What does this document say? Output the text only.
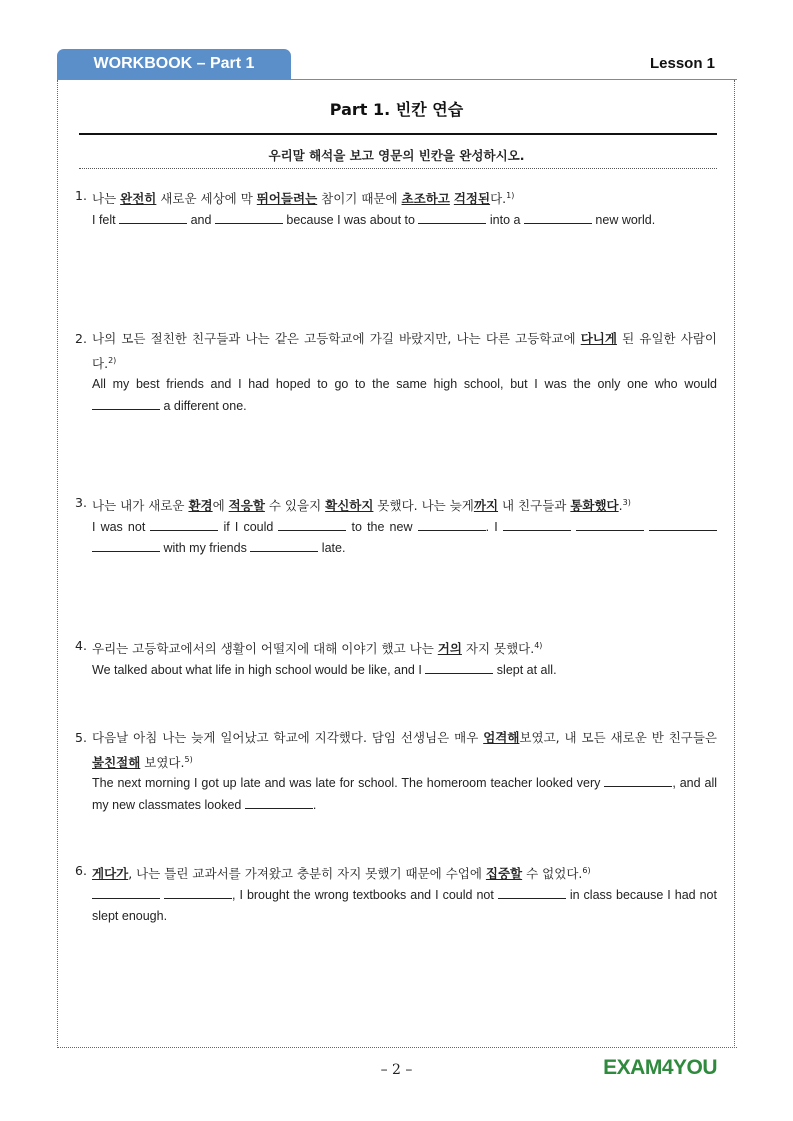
WORKBOOK – Part 1	Lesson 1
Part 1. 빈칸 연습
우리말 해석을 보고 영문의 빈칸을 완성하시오.
1. 나는 완전히 새로운 세상에 막 뛰어들려는 참이기 때문에 초조하고 걱정된다.$^{1)}$
I felt	and	because I was about to	into a	new world.
2. 나의 모든 절친한 친구들과 나는 같은 고등학교에 가길 바랐지만, 나는 다른 고등학교에 다니게 된 유일한 사람이다.$^{2)}$
All my best friends and I had hoped to go to the same high school, but I was the only one who would  a different one.
3. 나는 내가 새로운 환경에 적응할 수 있을지 확신하지 못했다. 나는 늦게까지 내 친구들과 통화했다.$^{3)}$
I was not	if I could	to the new	. I     with my friends	late.
4. 우리는 고등학교에서의 생활이 어떨지에 대해 이야기 했고 나는 거의 자지 못했다.$^{4)}$
We talked about what life in high school would be like, and I	slept at all.
5. 다음날 아침 나는 늦게 일어났고 학교에 지각했다. 담임 선생님은 매우 엄격해보였고, 내 모든 새로운 반 친구들은 불친절해 보였다.$^{5)}$
The next morning I got up late and was late for school. The homeroom teacher looked very	, and all my new classmates looked	.
6. 게다가, 나는 틀린 교과서를 가져왔고 충분히 자지 못했기 때문에 수업에 집중할 수 없었다.$^{6)}$
, I brought the wrong textbooks and I could not	in class because I had not slept enough.
– 2 –	EXAM4YOU
